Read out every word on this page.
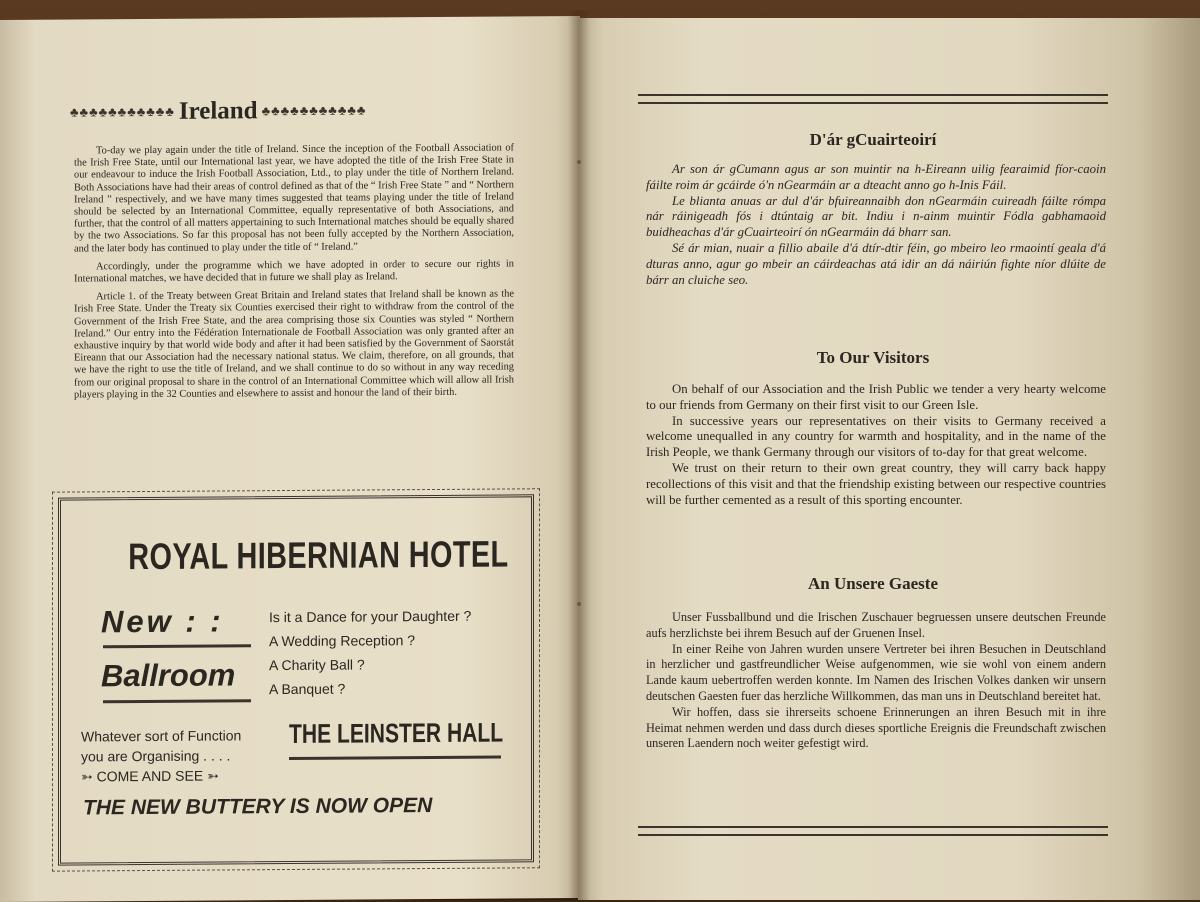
♣♣♣♣♣♣♣♣♣♣♣ Ireland ♣♣♣♣♣♣♣♣♣♣♣

To-day we play again under the title of Ireland. Since the inception of the Football Association of the Irish Free State, until our International last year, we have adopted the title of the Irish Free State in our endeavour to induce the Irish Football Association, Ltd., to play under the title of Northern Ireland. Both Associations have had their areas of control defined as that of the “ Irish Free State ” and “ Northern Ireland ” respectively, and we have many times suggested that teams playing under the title of Ireland should be selected by an International Committee, equally representative of both Associations, and further, that the control of all matters appertaining to such International matches should be equally shared by the two Associations. So far this proposal has not been fully accepted by the Northern Association, and the later body has continued to play under the title of “ Ireland.”

Accordingly, under the programme which we have adopted in order to secure our rights in International matches, we have decided that in future we shall play as Ireland.

Article 1. of the Treaty between Great Britain and Ireland states that Ireland shall be known as the Irish Free State. Under the Treaty six Counties exercised their right to withdraw from the control of the Government of the Irish Free State, and the area comprising those six Counties was styled “ Northern Ireland.” Our entry into the Fédération Internationale de Football Association was only granted after an exhaustive inquiry by that world wide body and after it had been satisfied by the Government of Saorstát Eireann that our Association had the necessary national status. We claim, therefore, on all grounds, that we have the right to use the title of Ireland, and we shall continue to do so without in any way receding from our original proposal to share in the control of an International Committee which will allow all Irish players playing in the 32 Counties and elsewhere to assist and honour the land of their birth.

ROYAL HIBERNIAN HOTEL
New : :
Ballroom
Is it a Dance for your Daughter ?
A Wedding Reception ?
A Charity Ball ?
A Banquet ?
Whatever sort of Function
you are Organising . . . .
➳ COME AND SEE ➳
THE LEINSTER HALL
THE NEW BUTTERY IS NOW OPEN
D'ár gCuairteoirí

Ar son ár gCumann agus ar son muintir na h-Eireann uilig fearaimid fíor-caoin fáilte roim ár gcáirde ó'n nGearmáin ar a dteacht anno go h-Inis Fáil.

Le blianta anuas ar dul d'ár bfuireannaibh don nGearmáin cuireadh fáilte rómpa nár ráinigeadh fós i dtúntaig ar bit. Indiu i n-ainm muintir Fódla gabhamaoid buidheachas d'ár gCuairteoirí ón nGearmáin dá bharr san.

Sé ár mian, nuair a fillio abaile d'á dtír-dtir féin, go mbeiro leo rmaointí geala d'á dturas anno, agur go mbeir an cáirdeachas atá idir an dá náiriún fighte níor dlúite de bárr an cluiche seo.

To Our Visitors

On behalf of our Association and the Irish Public we tender a very hearty welcome to our friends from Germany on their first visit to our Green Isle.

In successive years our representatives on their visits to Germany received a welcome unequalled in any country for warmth and hospitality, and in the name of the Irish People, we thank Germany through our visitors of to-day for that great welcome.

We trust on their return to their own great country, they will carry back happy recollections of this visit and that the friendship existing between our respective countries will be further cemented as a result of this sporting encounter.

An Unsere Gaeste

Unser Fussballbund und die Irischen Zuschauer begruessen unsere deutschen Freunde aufs herzlichste bei ihrem Besuch auf der Gruenen Insel.

In einer Reihe von Jahren wurden unsere Vertreter bei ihren Besuchen in Deutschland in herzlicher und gastfreundlicher Weise aufgenommen, wie sie wohl von einem andern Lande kaum uebertroffen werden konnte. Im Namen des Irischen Volkes danken wir unsern deutschen Gaesten fuer das herzliche Willkommen, das man uns in Deutschland bereitet hat.

Wir hoffen, dass sie ihrerseits schoene Erinnerungen an ihren Besuch mit in ihre Heimat nehmen werden und dass durch dieses sportliche Ereignis die Freundschaft zwischen unseren Laendern noch weiter gefestigt wird.
